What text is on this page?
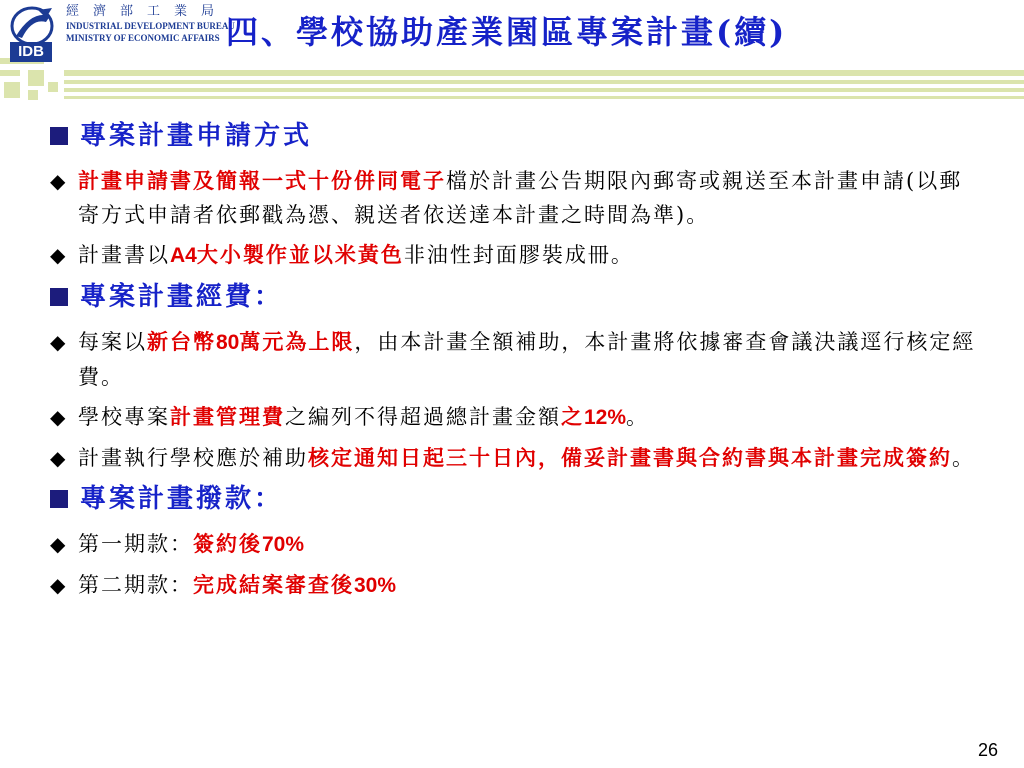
IDB

經濟部工業局

INDUSTRIAL DEVELOPMENT BUREAU

MINISTRY OF ECONOMIC AFFAIRS 四、學校協助產業園區專案計畫(續)
專案計畫申請方式
◆ 計畫申請書及簡報一式十份併同電子檔於計畫公告期限內郵寄或親送至本計畫申請(以郵寄方式申請者依郵戳為憑、親送者依送達本計畫之時間為準)。
◆ 計畫書以A4大小製作並以米黃色非油性封面膠裝成冊。
專案計畫經費：
◆ 每案以新台幣80萬元為上限，由本計畫全額補助，本計畫將依據審查會議決議逕行核定經費。
◆ 學校專案計畫管理費之編列不得超過總計畫金額之12%。
◆ 計畫執行學校應於補助核定通知日起三十日內，備妥計畫書與合約書與本計畫完成簽約。
專案計畫撥款：
◆ 第一期款：簽約後70%
◆ 第二期款：完成結案審查後30%
26
